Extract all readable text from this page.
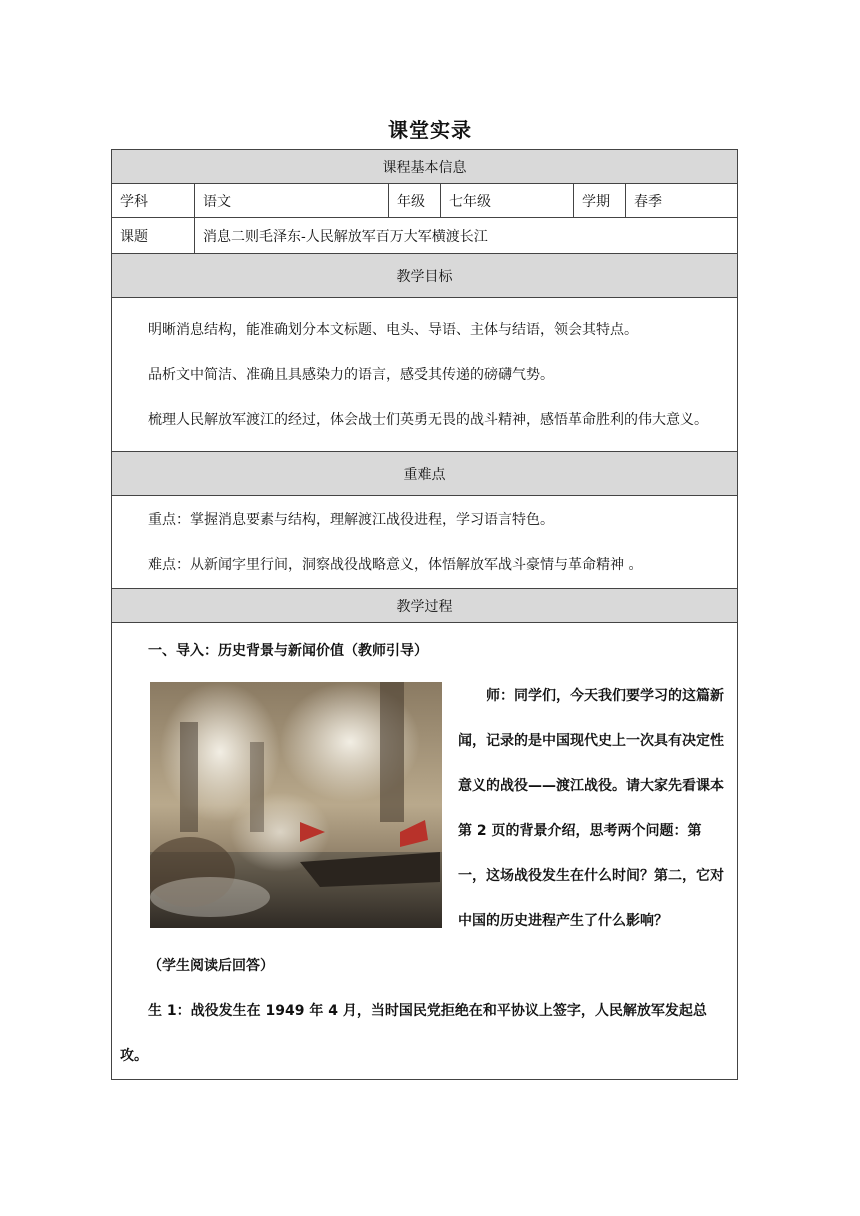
课堂实录
课程基本信息					
学科	语文	年级	七年级	学期	春季
课题	消息二则毛泽东-人民解放军百万大军横渡长江				
教学目标					

明晰消息结构，能准确划分本文标题、电头、导语、主体与结语，领会其特点。

品析文中简洁、准确且具感染力的语言，感受其传递的磅礴气势。

梳理人民解放军渡江的经过，体会战士们英勇无畏的战斗精神，感悟革命胜利的伟大意义。					

重难点					

重点：掌握消息要素与结构，理解渡江战役进程，学习语言特色。

难点：从新闻字里行间，洞察战役战略意义，体悟解放军战斗豪情与革命精神 。					

教学过程					

一、导入：历史背景与新闻价值（教师引导）

师：同学们，今天我们要学习的这篇新闻，记录的是中国现代史上一次具有决定性意义的战役——渡江战役。请大家先看课本第 2 页的背景介绍，思考两个问题：第一，这场战役发生在什么时间？第二，它对中国的历史进程产生了什么影响？

（学生阅读后回答）

生 1：战役发生在 1949 年 4 月，当时国民党拒绝在和平协议上签字，人民解放军发起总攻。					
